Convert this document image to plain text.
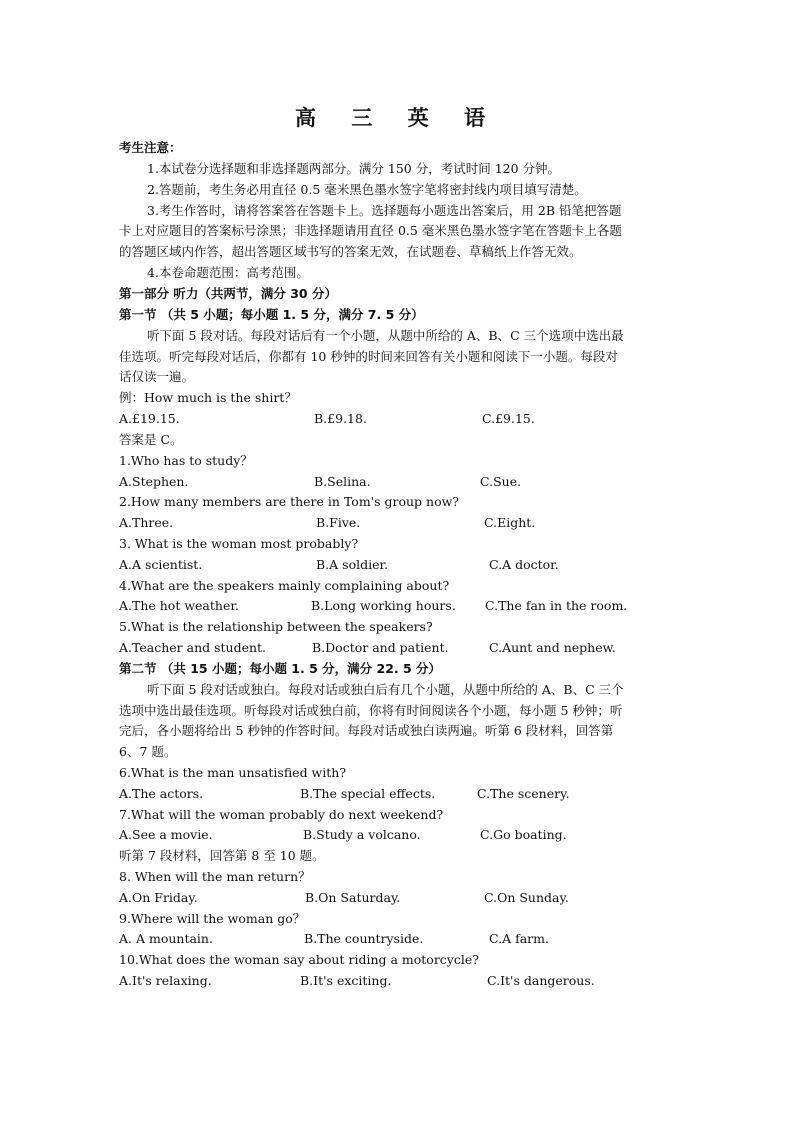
高 三 英 语
考生注意：
1.本试卷分选择题和非选择题两部分。满分 150 分，考试时间 120 分钟。
2.答题前，考生务必用直径 0.5 毫米黑色墨水签字笔将密封线内项目填写清楚。
3.考生作答时，请将答案答在答题卡上。选择题每小题选出答案后，用 2B 铅笔把答题
卡上对应题目的答案标号涂黑；非选择题请用直径 0.5 毫米黑色墨水签字笔在答题卡上各题
的答题区域内作答，超出答题区域书写的答案无效，在试题卷、草稿纸上作答无效。
4.本卷命题范围：高考范围。
第一部分 听力（共两节，满分 30 分）
第一节 （共 5 小题；每小题 1. 5 分，满分 7. 5 分）
听下面 5 段对话。每段对话后有一个小题，从题中所给的 A、B、C 三个选项中选出最
佳选项。听完每段对话后，你都有 10 秒钟的时间来回答有关小题和阅读下一小题。每段对
话仅读一遍。
例：How much is the shirt？
A.£19.15.	B.£9.18.	C.£9.15.
答案是 C。
1.Who has to study？
A.Stephen.	B.Selina.	C.Sue.
2.How many members are there in Tom's group now?
A.Three.	B.Five.	C.Eight.
3. What is the woman most probably?
A.A scientist.	B.A soldier.	C.A doctor.
4.What are the speakers mainly complaining about?
A.The hot weather.	B.Long working hours. C.The fan in the room.
5.What is the relationship between the speakers?
A.Teacher and student.	B.Doctor and patient.	C.Aunt and nephew.
第二节 （共 15 小题；每小题 1. 5 分，满分 22. 5 分）
听下面 5 段对话或独白。每段对话或独白后有几个小题，从题中所给的 A、B、C 三个
选项中选出最佳选项。听每段对话或独白前，你将有时间阅读各个小题，每小题 5 秒钟；听
完后，各小题将给出 5 秒钟的作答时间。每段对话或独白读两遍。听第 6 段材料，回答第
6、7 题。
6.What is the man unsatisfied with?
A.The actors.	B.The special effects.	C.The scenery.
7.What will the woman probably do next weekend?
A.See a movie.	B.Study a volcano.	C.Go boating.
听第 7 段材料，回答第 8 至 10 题。
8. When will the man return？
A.On Friday.	B.On Saturday.	C.On Sunday.
9.Where will the woman go？
A. A mountain.	B.The countryside.	C.A farm.
10.What does the woman say about riding a motorcycle?
A.It's relaxing.	B.It's exciting.	C.It's dangerous.
